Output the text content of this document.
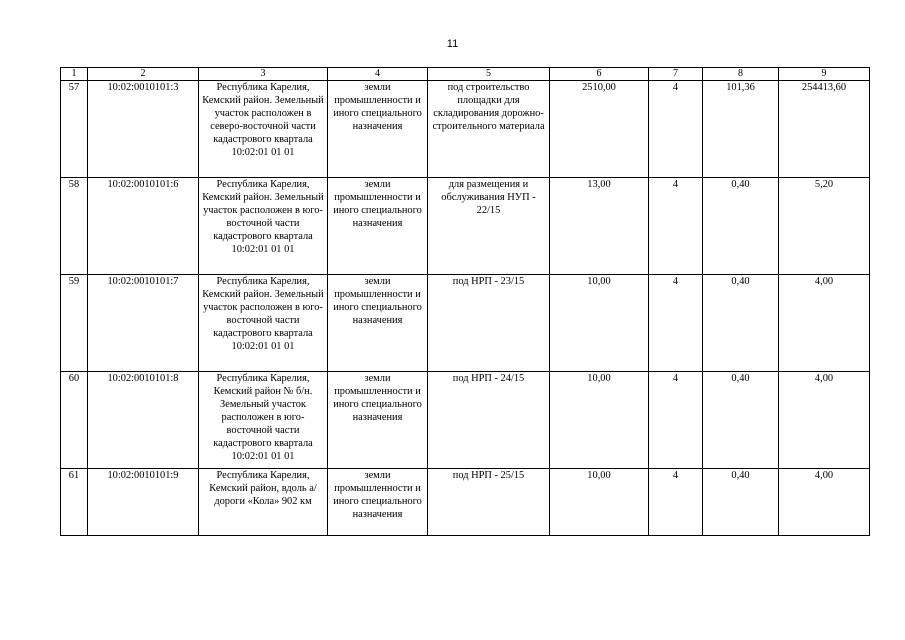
11
1	2	3	4	5	6	7	8	9
57	10:02:0010101:3	Республика Карелия, Кемский район. Земельный участок расположен в северо-восточной части кадастрового квартала 10:02:01 01 01	земли промышленности и иного специального назначения	под строительство площадки для складирования дорожно-строительного материала	2510,00	4	101,36	254413,60
58	10:02:0010101:6	Республика Карелия, Кемский район. Земельный участок расположен в юго-восточной части кадастрового квартала 10:02:01 01 01	земли промышленности и иного специального назначения	для размещения и обслуживания НУП - 22/15	13,00	4	0,40	5,20
59	10:02:0010101:7	Республика Карелия, Кемский район. Земельный участок расположен в юго-восточной части кадастрового квартала 10:02:01 01 01	земли промышленности и иного специального назначения	под НРП - 23/15	10,00	4	0,40	4,00
60	10:02:0010101:8	Республика Карелия, Кемский район № б/н. Земельный участок расположен в юго-восточной части кадастрового квартала 10:02:01 01 01	земли промышленности и иного специального назначения	под НРП - 24/15	10,00	4	0,40	4,00
61	10:02:0010101:9	Республика Карелия, Кемский район, вдоль а/дороги «Кола» 902 км	земли промышленности и иного специального назначения	под НРП - 25/15	10,00	4	0,40	4,00
